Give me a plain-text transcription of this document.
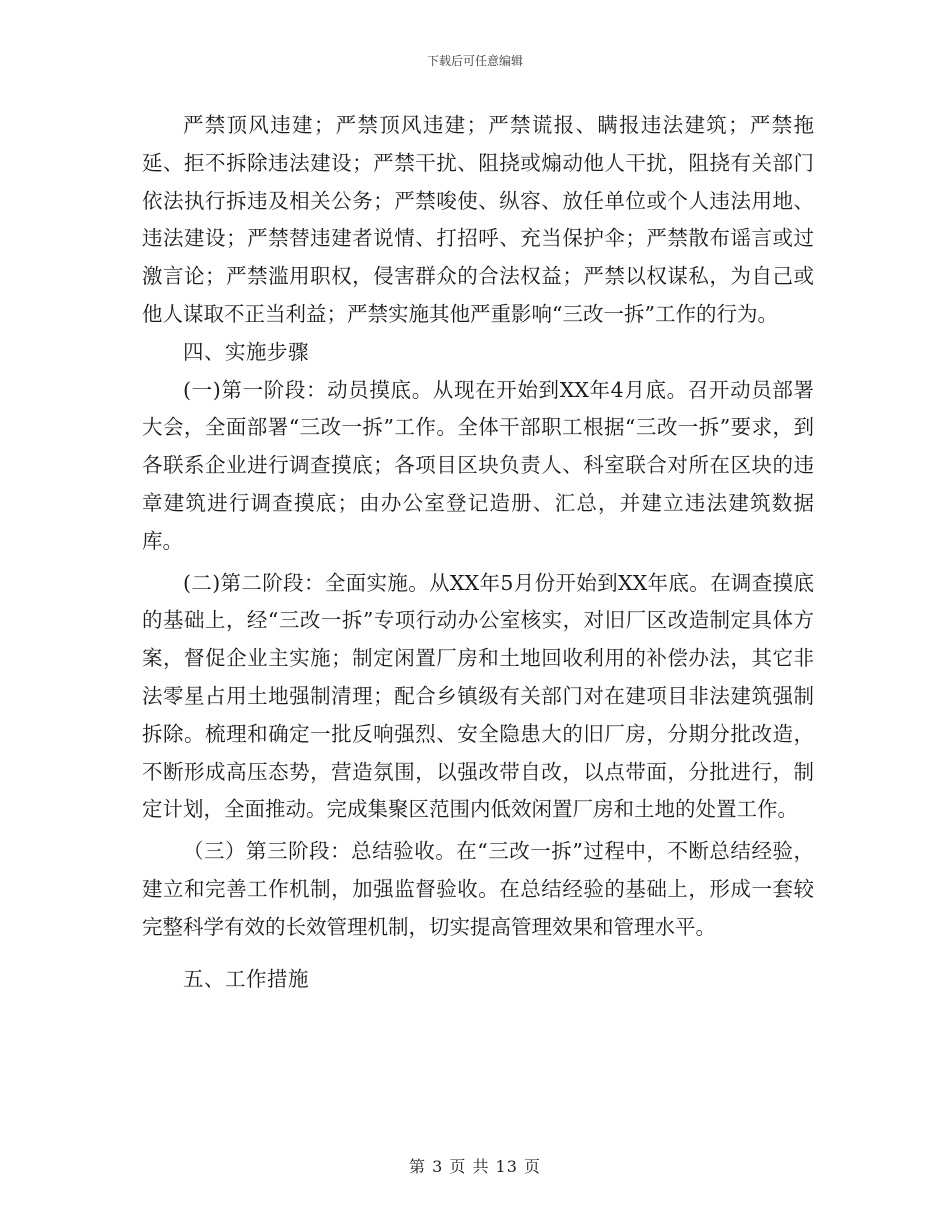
下载后可任意编辑

严禁顶风违建；严禁顶风违建；严禁谎报、瞒报违法建筑；严禁拖延、拒不拆除违法建设；严禁干扰、阻挠或煽动他人干扰，阻挠有关部门依法执行拆违及相关公务；严禁唆使、纵容、放任单位或个人违法用地、违法建设；严禁替违建者说情、打招呼、充当保护伞；严禁散布谣言或过激言论；严禁滥用职权，侵害群众的合法权益；严禁以权谋私，为自己或他人谋取不正当利益；严禁实施其他严重影响“三改一拆”工作的行为。

四、实施步骤

(一)第一阶段：动员摸底。从现在开始到XX年4月底。召开动员部署大会，全面部署“三改一拆”工作。全体干部职工根据“三改一拆”要求，到各联系企业进行调查摸底；各项目区块负责人、科室联合对所在区块的违章建筑进行调查摸底；由办公室登记造册、汇总，并建立违法建筑数据库。

(二)第二阶段：全面实施。从XX年5月份开始到XX年底。在调查摸底的基础上，经“三改一拆”专项行动办公室核实，对旧厂区改造制定具体方案，督促企业主实施；制定闲置厂房和土地回收利用的补偿办法，其它非法零星占用土地强制清理；配合乡镇级有关部门对在建项目非法建筑强制拆除。梳理和确定一批反响强烈、安全隐患大的旧厂房，分期分批改造，不断形成高压态势，营造氛围，以强改带自改，以点带面，分批进行，制定计划，全面推动。完成集聚区范围内低效闲置厂房和土地的处置工作。

（三）第三阶段：总结验收。在“三改一拆”过程中，不断总结经验，建立和完善工作机制，加强监督验收。在总结经验的基础上，形成一套较完整科学有效的长效管理机制，切实提高管理效果和管理水平。

五、工作措施

第 3 页 共 13 页
